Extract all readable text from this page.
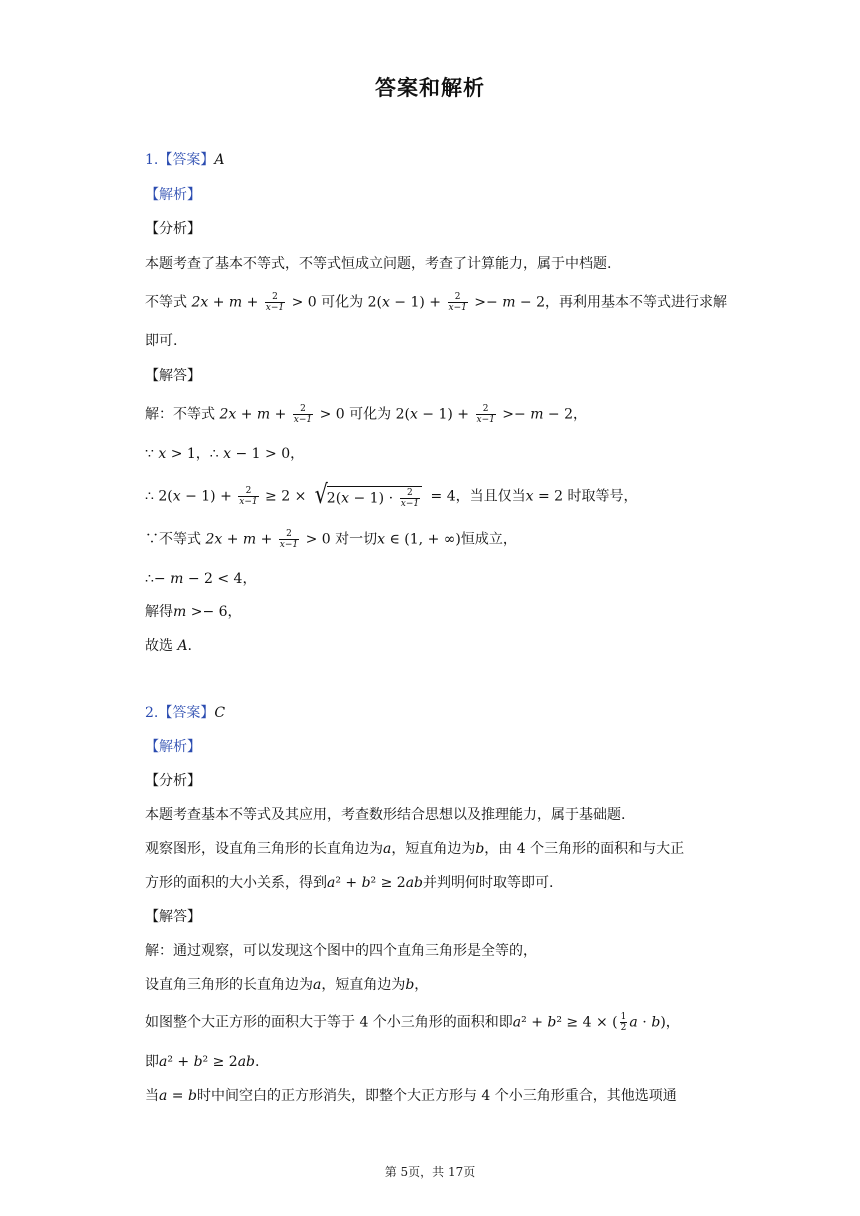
答案和解析
1.【答案】A
【解析】
【分析】
本题考查了基本不等式，不等式恒成立问题，考查了计算能力，属于中档题.
不等式 2𝑥 + 𝑚 + $\frac{2}{\text{𝑥−1}} > 0$ 可化为 2(𝑥 − $1) + \frac{2}{\text{𝑥−1}}$ >− 𝑚 − 2，再利用基本不等式进行求解
即可.
【解答】
解：不等式 2𝑥 + 𝑚 + $\frac{2}{\text{𝑥−1}} > 0$ 可化为 2(𝑥 − $1) + \frac{2}{\text{𝑥−1}}$ >− 𝑚 − 2，
∵ 𝑥 > 1，∴ 𝑥 − 1 > 0，
∴ 2(𝑥 − $1) + \frac{2}{\text{𝑥−1}} \ge 2$ × √ 2(𝑥 − $1) \cdot \frac{2}{\text{𝑥−1}} = 4$，当且仅当𝑥 = 2 时取等号，
∵不等式 2𝑥 + 𝑚 + $\frac{2}{\text{𝑥−1}} > 0$ 对一切𝑥 ∈ (1, + ∞)恒成立，
∴− 𝑚 − 2 < 4，
解得𝑚 >− 6，
故选 𝐴.
2.【答案】C
【解析】
【分析】
本题考查基本不等式及其应用，考查数形结合思想以及推理能力，属于基础题.
观察图形，设直角三角形的长直角边为𝑎，短直角边为𝑏，由 4 个三角形的面积和与大正
方形的面积的大小关系，得到𝑎² + 𝑏² ≥ 2𝑎𝑏并判明何时取等即可.
【解答】
解：通过观察，可以发现这个图中的四个直角三角形是全等的，
设直角三角形的长直角边为𝑎，短直角边为𝑏，
如图整个大正方形的面积大于等于 4 个小三角形的面积和即𝑎² + 𝑏² ≥ 4 × ( $\frac{1}{2}$ 𝑎 ⋅ 𝑏)，
即𝑎² + 𝑏² ≥ 2𝑎𝑏.
当𝑎 = 𝑏时中间空白的正方形消失，即整个大正方形与 4 个小三角形重合，其他选项通
第 5页，共 17页
